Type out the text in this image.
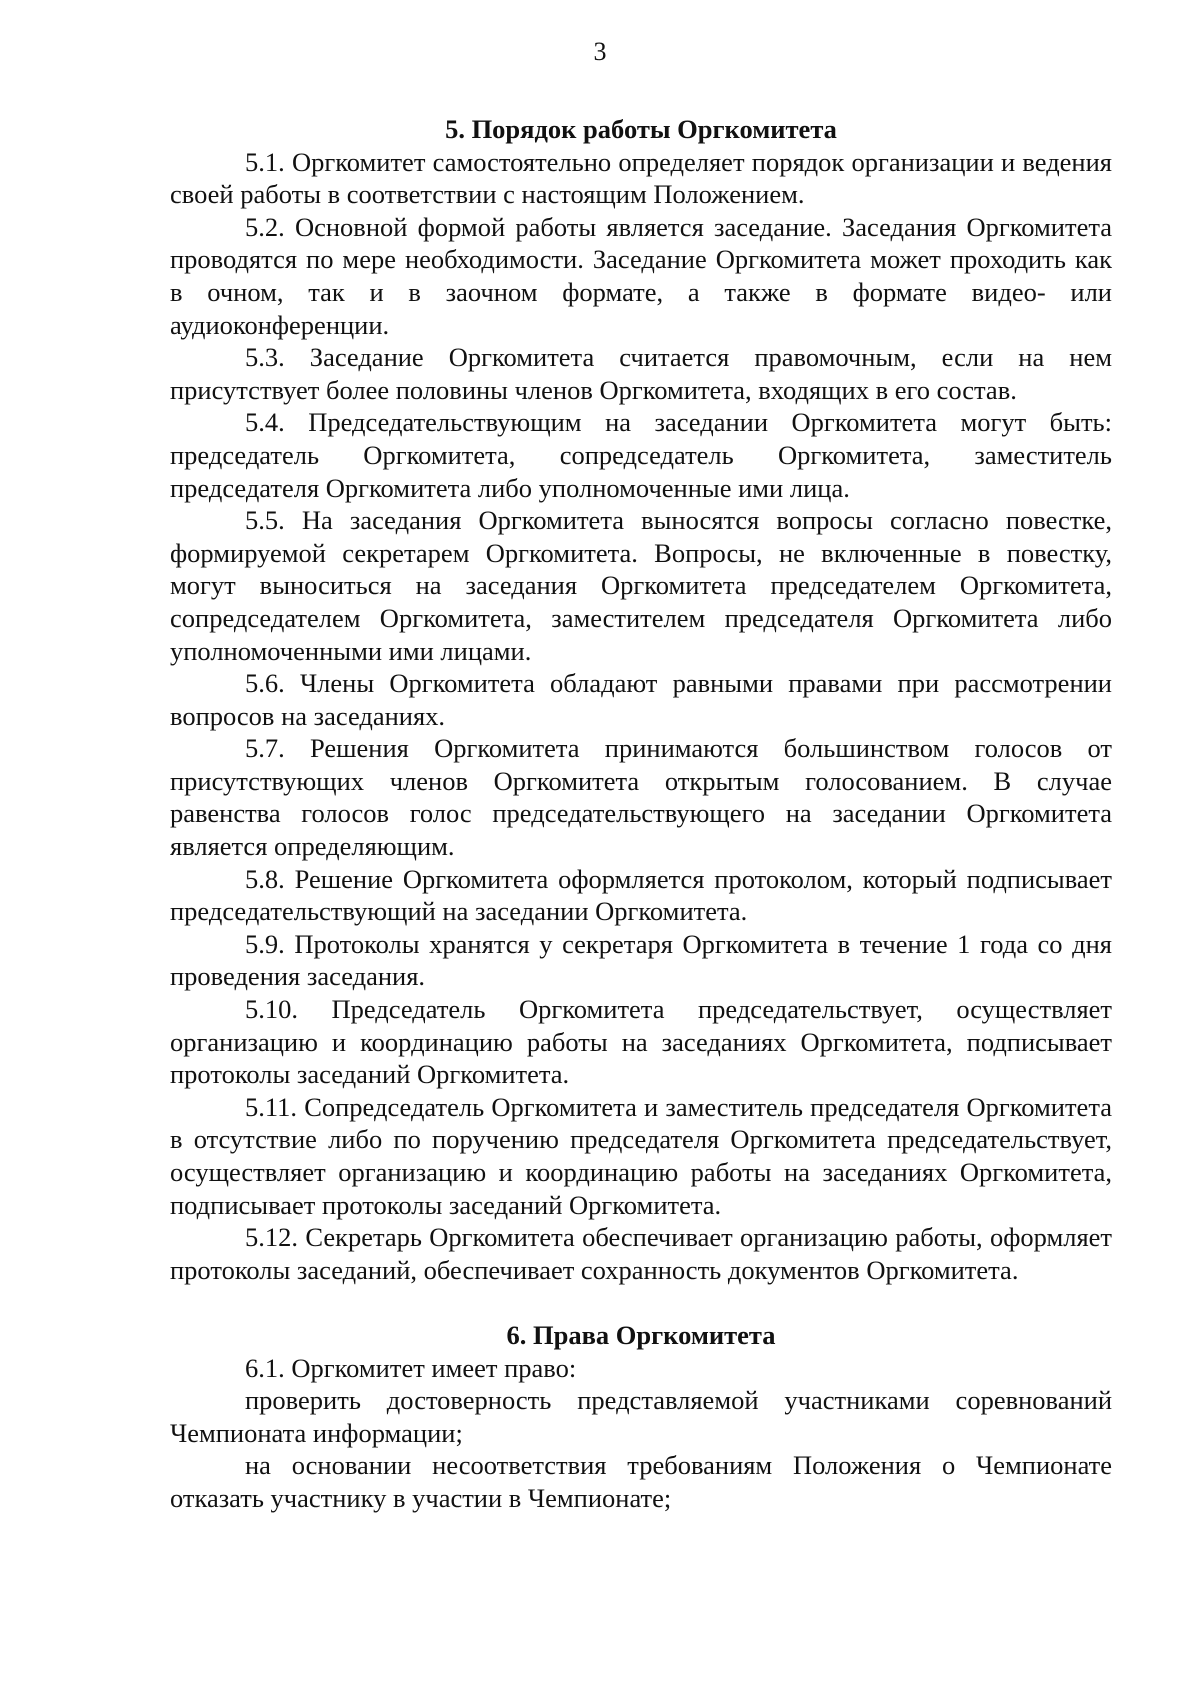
3
5. Порядок работы Оргкомитета

5.1. Оргкомитет самостоятельно определяет порядок организации и ведения своей работы в соответствии с настоящим Положением.

5.2. Основной формой работы является заседание. Заседания Оргкомитета проводятся по мере необходимости. Заседание Оргкомитета может проходить как в очном, так и в заочном формате, а также в формате видео- или аудиоконференции.

5.3. Заседание Оргкомитета считается правомочным, если на нем присутствует более половины членов Оргкомитета, входящих в его состав.

5.4. Председательствующим на заседании Оргкомитета могут быть: председатель Оргкомитета, сопредседатель Оргкомитета, заместитель председателя Оргкомитета либо уполномоченные ими лица.

5.5. На заседания Оргкомитета выносятся вопросы согласно повестке, формируемой секретарем Оргкомитета. Вопросы, не включенные в повестку, могут выноситься на заседания Оргкомитета председателем Оргкомитета, сопредседателем Оргкомитета, заместителем председателя Оргкомитета либо уполномоченными ими лицами.

5.6. Члены Оргкомитета обладают равными правами при рассмотрении вопросов на заседаниях.

5.7. Решения Оргкомитета принимаются большинством голосов от присутствующих членов Оргкомитета открытым голосованием. В случае равенства голосов голос председательствующего на заседании Оргкомитета является определяющим.

5.8. Решение Оргкомитета оформляется протоколом, который подписывает председательствующий на заседании Оргкомитета.

5.9. Протоколы хранятся у секретаря Оргкомитета в течение 1 года со дня проведения заседания.

5.10. Председатель Оргкомитета председательствует, осуществляет организацию и координацию работы на заседаниях Оргкомитета, подписывает протоколы заседаний Оргкомитета.

5.11. Сопредседатель Оргкомитета и заместитель председателя Оргкомитета в отсутствие либо по поручению председателя Оргкомитета председательствует, осуществляет организацию и координацию работы на заседаниях Оргкомитета, подписывает протоколы заседаний Оргкомитета.

5.12. Секретарь Оргкомитета обеспечивает организацию работы, оформляет протоколы заседаний, обеспечивает сохранность документов Оргкомитета.

6. Права Оргкомитета

6.1. Оргкомитет имеет право:

проверить достоверность представляемой участниками соревнований Чемпионата информации;

на основании несоответствия требованиям Положения о Чемпионате отказать участнику в участии в Чемпионате;
